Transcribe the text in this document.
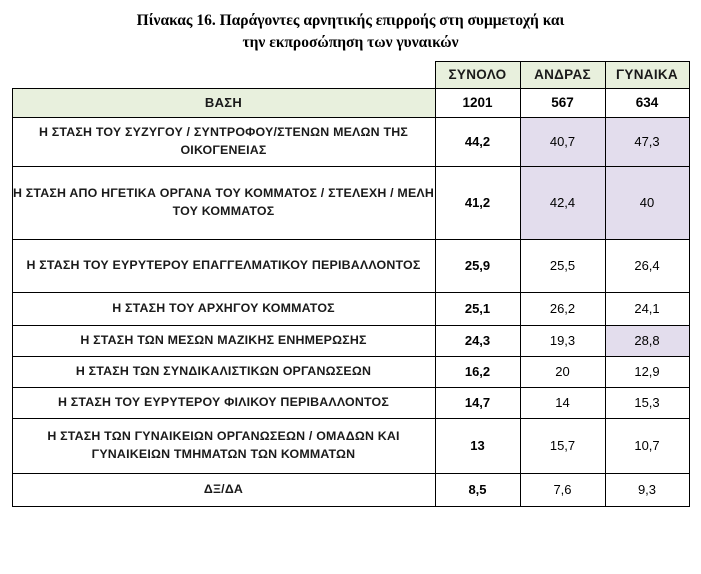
Πίνακας 16. Παράγοντες αρνητικής επιρροής στη συμμετοχή και
την εκπροσώπηση των γυναικών
	ΣΥΝΟΛΟ	ΑΝΔΡΑΣ	ΓΥΝΑΙΚΑ
ΒΑΣΗ	1201	567	634
Η ΣΤΑΣΗ ΤΟΥ ΣΥΖΥΓΟΥ / ΣΥΝΤΡΟΦΟΥ/ΣΤΕΝΩΝ ΜΕΛΩΝ ΤΗΣ ΟΙΚΟΓΕΝΕΙΑΣ	44,2	40,7	47,3
Η ΣΤΑΣΗ ΑΠΟ ΗΓΕΤΙΚΑ ΟΡΓΑΝΑ ΤΟΥ ΚΟΜΜΑΤΟΣ / ΣΤΕΛΕΧΗ / ΜΕΛΗ ΤΟΥ ΚΟΜΜΑΤΟΣ	41,2	42,4	40
Η ΣΤΑΣΗ ΤΟΥ ΕΥΡΥΤΕΡΟΥ ΕΠΑΓΓΕΛΜΑΤΙΚΟΥ ΠΕΡΙΒΑΛΛΟΝΤΟΣ	25,9	25,5	26,4
Η ΣΤΑΣΗ ΤΟΥ ΑΡΧΗΓΟΥ ΚΟΜΜΑΤΟΣ	25,1	26,2	24,1
Η ΣΤΑΣΗ ΤΩΝ ΜΕΣΩΝ ΜΑΖΙΚΗΣ ΕΝΗΜΕΡΩΣΗΣ	24,3	19,3	28,8
Η ΣΤΑΣΗ ΤΩΝ ΣΥΝΔΙΚΑΛΙΣΤΙΚΩΝ ΟΡΓΑΝΩΣΕΩΝ	16,2	20	12,9
Η ΣΤΑΣΗ ΤΟΥ ΕΥΡΥΤΕΡΟΥ ΦΙΛΙΚΟΥ ΠΕΡΙΒΑΛΛΟΝΤΟΣ	14,7	14	15,3
Η ΣΤΑΣΗ ΤΩΝ ΓΥΝΑΙΚΕΙΩΝ ΟΡΓΑΝΩΣΕΩΝ / ΟΜΑΔΩΝ ΚΑΙ ΓΥΝΑΙΚΕΙΩΝ ΤΜΗΜΑΤΩΝ ΤΩΝ ΚΟΜΜΑΤΩΝ	13	15,7	10,7
ΔΞ/ΔΑ	8,5	7,6	9,3
